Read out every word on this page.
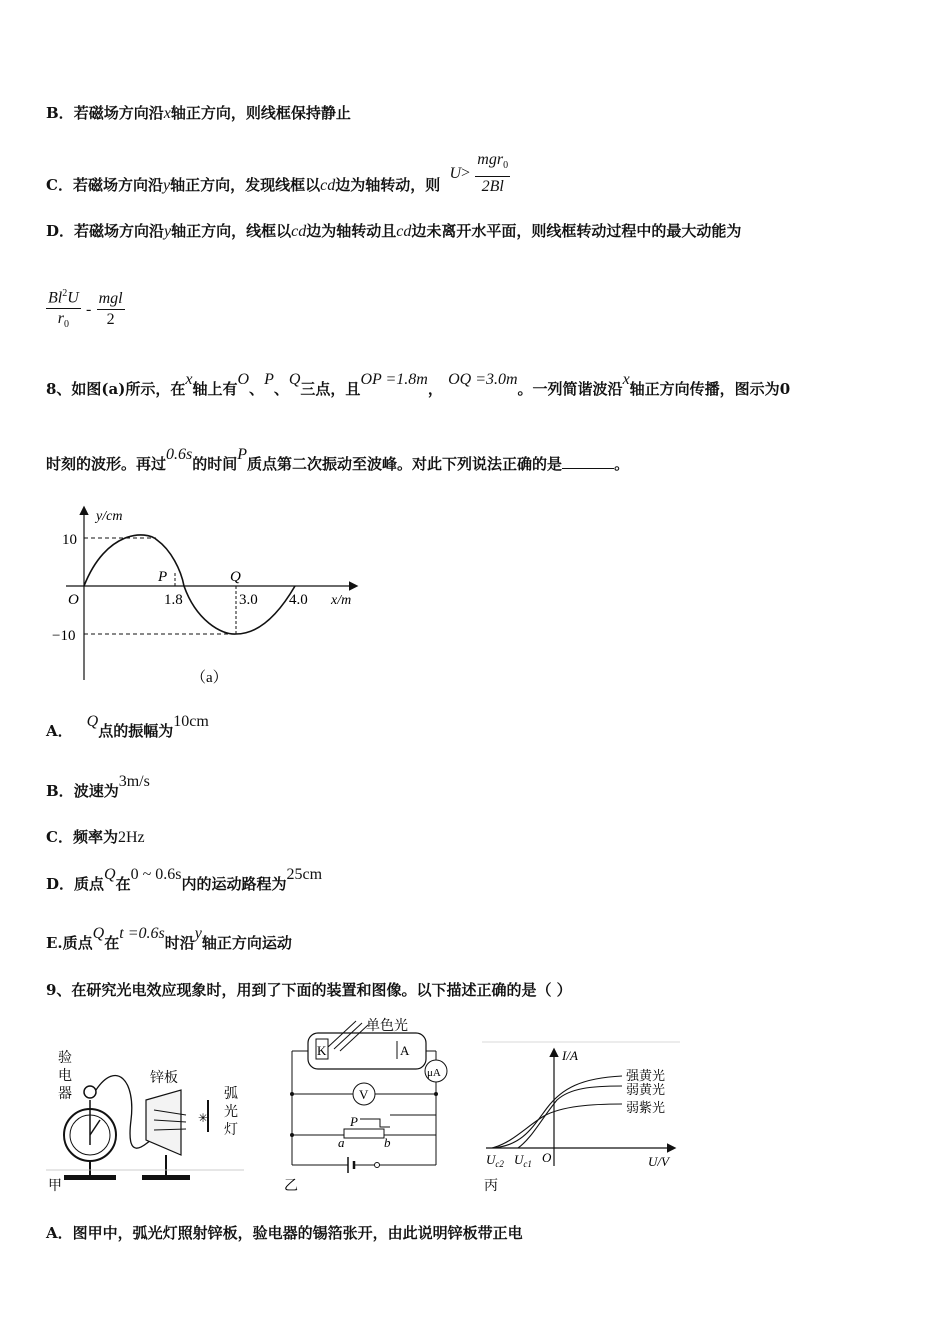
B．若磁场方向沿x轴正方向，则线框保持静止
C．若磁场方向沿y轴正方向，发现线框以cd边为轴转动，则 $U> \frac{mgr_0}{2Bl}$
D．若磁场方向沿y轴正方向，线框以cd边为轴转动且cd边未离开水平面，则线框转动过程中的最大动能为
$\frac{Bl^2U}{r_0} - \frac{\text{mgl}}{2}$
8、如图(a)所示，在x轴上有O、P、Q三点，且OP =1.8m， OQ =3.0m。一列简谐波沿x轴正方向传播，图示为0
时刻的波形。再过0.6s的时间P质点第二次振动至波峰。对此下列说法正确的是	。
y/cm
x/m
O
10
−10
P	Q
1.8	3.0 4.0
（a）
A．Q点的振幅为10cm
B．波速为3m/s
C．频率为2Hz
D．质点Q在0 ~ 0.6s内的运动路程为25cm
E.质点Q在t =0.6s时沿y轴正方向运动
9、在研究光电效应现象时，用到了下面的装置和图像。以下描述正确的是（ ）
验
电
器
锌板
✳
弧
光
灯
甲
单色光
K	A
μA
V
P
a	b
乙
I/A
U/V
O
强黄光
弱黄光
弱紫光
$U_{c2}$ $U_{c1}$
丙
A．图甲中，弧光灯照射锌板，验电器的锡箔张开，由此说明锌板带正电
